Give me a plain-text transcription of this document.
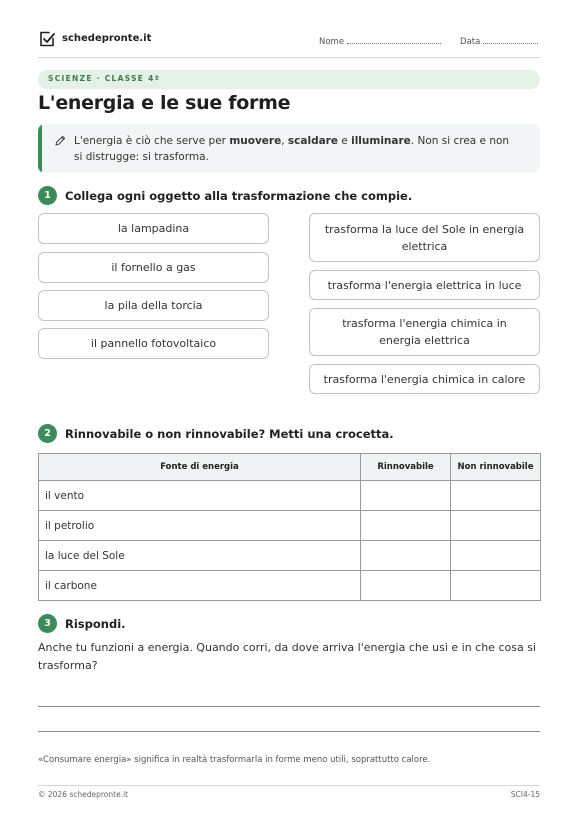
schedepronte.it	Nome	Data
SCIENZE · CLASSE 4ª
L'energia e le sue forme
L'energia è ciò che serve per muovere, scaldare e illuminare. Non si crea e non si distrugge: si trasforma.
1	Collega ogni oggetto alla trasformazione che compie.
la lampadina
il fornello a gas
la pila della torcia
il pannello fotovoltaico
trasforma la luce del Sole in energia elettrica
trasforma l'energia elettrica in luce
trasforma l'energia chimica in energia elettrica
trasforma l'energia chimica in calore
2	Rinnovabile o non rinnovabile? Metti una crocetta.
Fonte di energia	Rinnovabile	Non rinnovabile
il vento		
il petrolio		
la luce del Sole		
il carbone		
3	Rispondi.
Anche tu funzioni a energia. Quando corri, da dove arriva l'energia che usi e in che cosa si trasforma?
«Consumare energia» significa in realtà trasformarla in forme meno utili, soprattutto calore.
© 2026 schedepronte.it	SCI4-15
